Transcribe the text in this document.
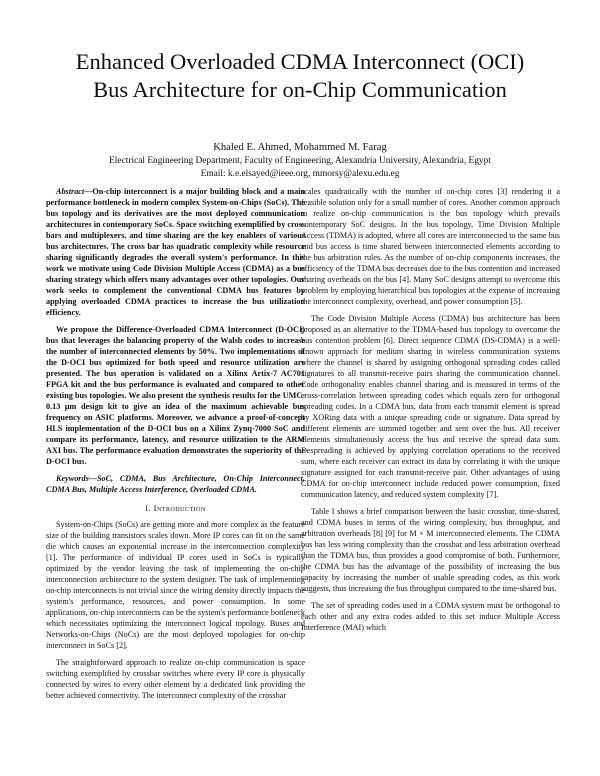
Enhanced Overloaded CDMA Interconnect (OCI)
Bus Architecture for on-Chip Communication
Khaled E. Ahmed, Mohammed M. Farag
Electrical Engineering Department, Faculty of Engineering, Alexandria University, Alexandria, Egypt
Email: k.e.elsayed@ieee.org, mmorsy@alexu.edu.eg

Abstract—On-chip interconnect is a major building block and a main performance bottleneck in modern complex System-on-Chips (SoCs). The bus topology and its derivatives are the most deployed communication architectures in contemporary SoCs. Space switching exemplified by cross bars and multiplexers, and time sharing are the key enablers of various bus architectures. The cross bar has quadratic complexity while resource sharing significantly degrades the overall system's performance. In this work we motivate using Code Division Multiple Access (CDMA) as a bus sharing strategy which offers many advantages over other topologies. Our work seeks to complement the conventional CDMA bus features by applying overloaded CDMA practices to increase the bus utilization efficiency.

We propose the Difference-Overloaded CDMA Interconnect (D-OCI) bus that leverages the balancing property of the Walsh codes to increase the number of interconnected elements by 50%. Two implementations of the D-OCI bus optimized for both speed and resource utilization are presented. The bus operation is validated on a Xilinx Artix-7 AC701 FPGA kit and the bus performance is evaluated and compared to other existing bus topologies. We also present the synthesis results for the UMC-0.13 μm design kit to give an idea of the maximum achievable bus frequency on ASIC platforms. Moreover, we advance a proof-of-concept HLS implementation of the D-OCI bus on a Xilinx Zynq-7000 SoC and compare its performance, latency, and resource utilization to the ARM AXI bus. The performance evaluation demonstrates the superiority of the D-OCI bus.

Keywords—SoC, CDMA, Bus Architecture, On-Chip Interconnect, CDMA Bus, Multiple Access Interference, Overloaded CDMA.

I. Introduction

System-on-Chips (SoCs) are getting more and more complex as the feature size of the building transistors scales down. More IP cores can fit on the same die which causes an exponential increase in the interconnection complexity [1]. The performance of individual IP cores used in SoCs is typically optimized by the vendor leaving the task of implementing the on-chip interconnection architecture to the system designer. The task of implementing on-chip interconnects is not trivial since the wiring density directly impacts the system's performance, resources, and power consumption. In some applications, on-chip interconnects can be the system's performance bottleneck which necessitates optimizing the interconnect logical topology. Buses and Networks-on-Chips (NoCs) are the most deployed topologies for on-chip interconnect in SoCs [2].

The straightforward approach to realize on-chip communication is space switching exemplified by crossbar switches where every IP core is physically connected by wires to every other element by a dedicated link providing the better achieved connectivity. The interconnect complexity of the crossbar

scales quadratically with the number of on-chip cores [3] rendering it a feasible solution only for a small number of cores. Another common approach to realize on-chip communication is the bus topology which prevails contemporary SoC designs. In the bus topology, Time Division Multiple Access (TDMA) is adopted, where all cores are interconnected to the same bus and bus access is time shared between interconnected elements according to the bus arbitration rules. As the number of on-chip components increases, the efficiency of the TDMA bus decreases due to the bus contention and increased sharing overheads on the bus [4]. Many SoC designs attempt to overcome this problem by employing hierarchical bus topologies at the expense of increasing the interconnect complexity, overhead, and power consumption [5].

The Code Division Multiple Access (CDMA) bus architecture has been proposed as an alternative to the TDMA-based bus topology to overcome the bus contention problem [6]. Direct sequence CDMA (DS-CDMA) is a well-known approach for medium sharing in wireless communication systems where the channel is shared by assigning orthogonal spreading codes called signatures to all transmit-receive pairs sharing the communication channel. Code orthogonality enables channel sharing and is measured in terms of the cross-correlation between spreading codes which equals zero for orthogonal spreading codes. In a CDMA bus, data from each transmit element is spread by XORing data with a unique spreading code or signature. Data spread by different elements are summed together and sent over the bus. All receiver elements simultaneously access the bus and receive the spread data sum. Despreading is achieved by applying correlation operations to the received sum, where each receiver can extract its data by correlating it with the unique signature assigned for each transmit-receive pair. Other advantages of using CDMA for on-chip interconnect include reduced power consumption, fixed communication latency, and reduced system complexity [7].

Table I shows a brief comparison between the basic crossbar, time-shared, and CDMA buses in terms of the wiring complexity, bus throughput, and arbitration overheads [8] [9] for M × M interconnected elements. The CDMA bus has less wiring complexity than the crossbar and less arbitration overhead than the TDMA bus, thus provides a good compromise of both. Furthermore, the CDMA bus has the advantage of the possibility of increasing the bus capacity by increasing the number of usable spreading codes, as this work suggests, thus increasing the bus throughput compared to the time-shared bus.

The set of spreading codes used in a CDMA system must be orthogonal to each other and any extra codes added to this set induce Multiple Access Interference (MAI) which
